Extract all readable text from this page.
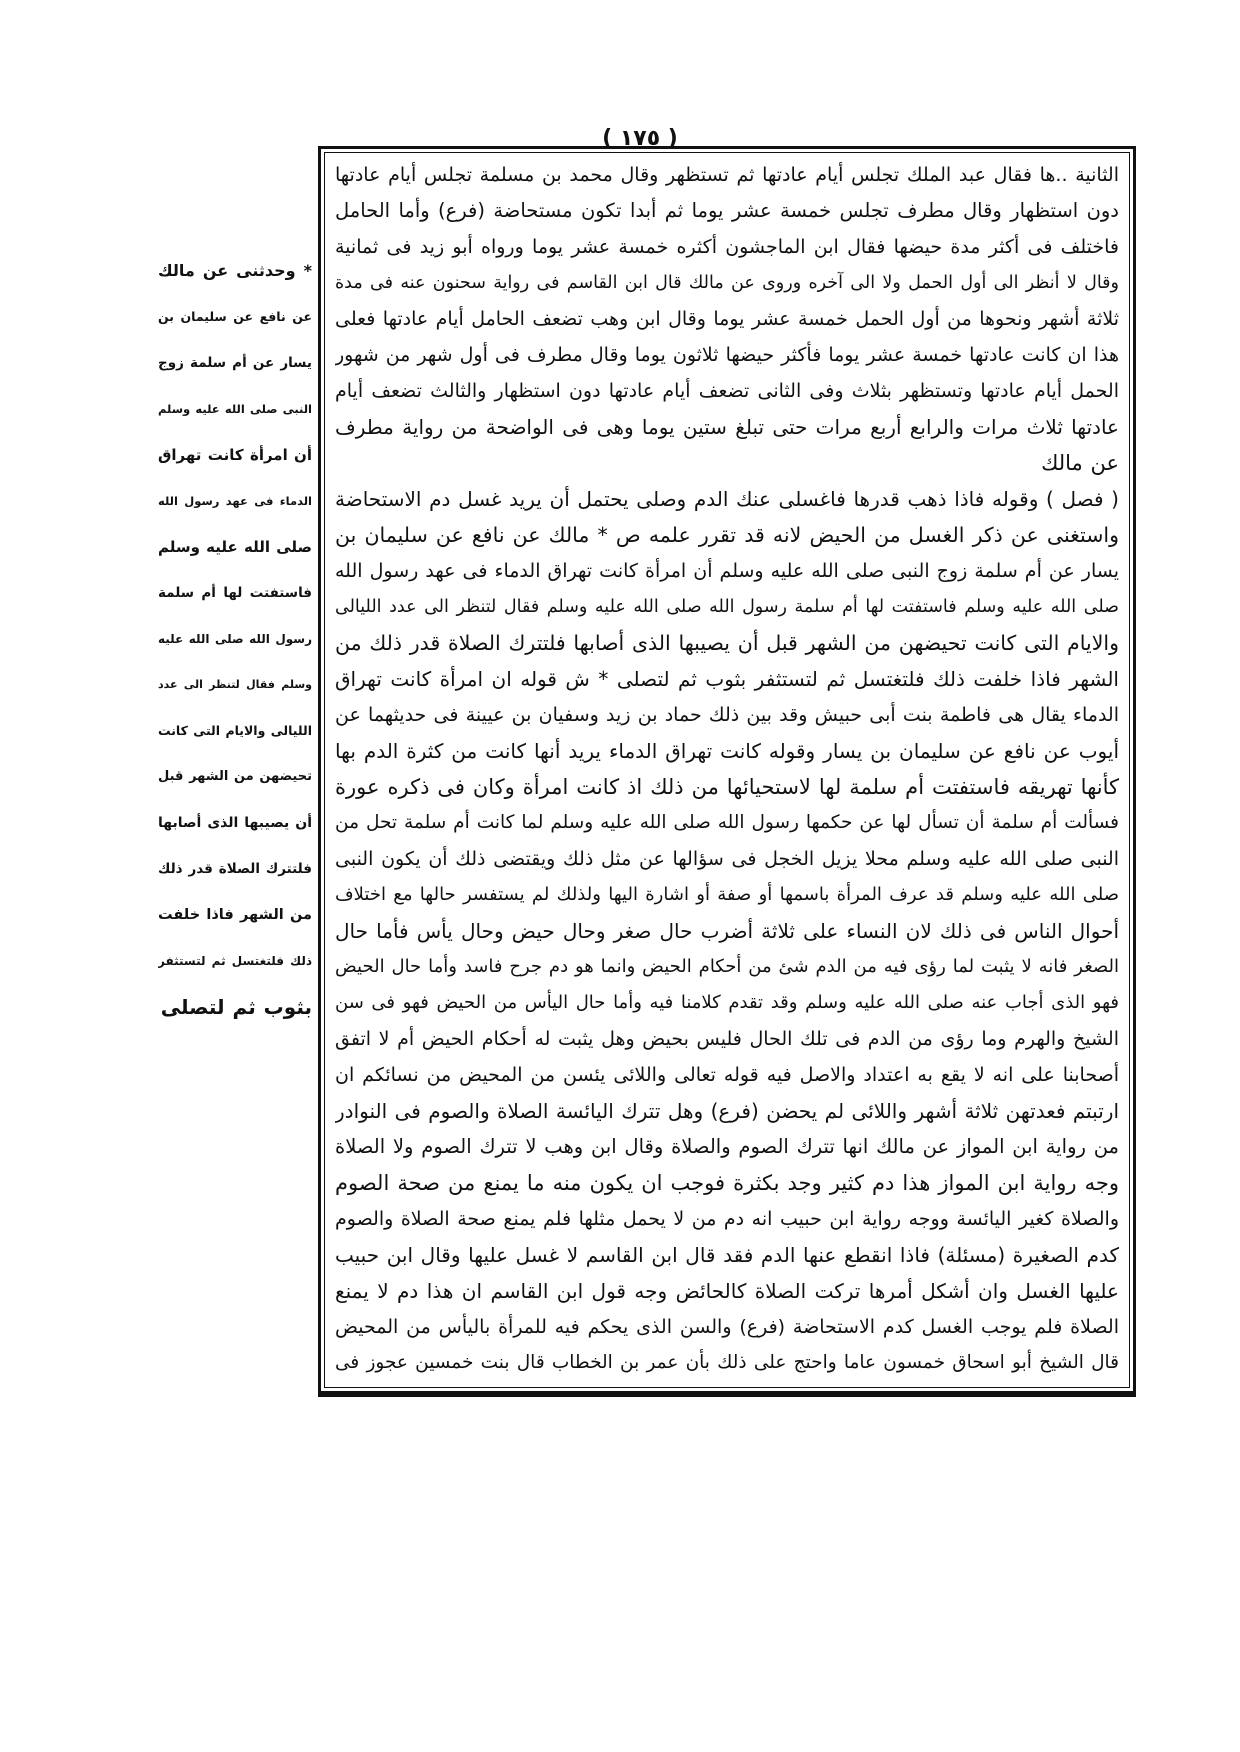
( ١٧٥ )
الثانية ..ها فقال عبد الملك تجلس أيام عادتها ثم تستظهر وقال محمد بن مسلمة تجلس أيام عادتها
دون استظهار وقال مطرف تجلس خمسة عشر يوما ثم أبدا تكون مستحاضة (فرع) وأما الحامل
فاختلف فى أكثر مدة حيضها فقال ابن الماجشون أكثره خمسة عشر يوما ورواه أبو زيد فى ثمانية
وقال لا أنظر الى أول الحمل ولا الى آخره وروى عن مالك قال ابن القاسم فى رواية سحنون عنه فى مدة
ثلاثة أشهر ونحوها من أول الحمل خمسة عشر يوما وقال ابن وهب تضعف الحامل أيام عادتها فعلى
هذا ان كانت عادتها خمسة عشر يوما فأكثر حيضها ثلاثون يوما وقال مطرف فى أول شهر من شهور
الحمل أيام عادتها وتستظهر بثلاث وفى الثانى تضعف أيام عادتها دون استظهار والثالث تضعف أيام
عادتها ثلاث مرات والرابع أربع مرات حتى تبلغ ستين يوما وهى فى الواضحة من رواية مطرف
عن مالك
( فصل ) وقوله فاذا ذهب قدرها فاغسلى عنك الدم وصلى يحتمل أن يريد غسل دم الاستحاضة
واستغنى عن ذكر الغسل من الحيض لانه قد تقرر علمه ص * مالك عن نافع عن سليمان بن
يسار عن أم سلمة زوج النبى صلى الله عليه وسلم أن امرأة كانت تهراق الدماء فى عهد رسول الله
صلى الله عليه وسلم فاستفتت لها أم سلمة رسول الله صلى الله عليه وسلم فقال لتنظر الى عدد الليالى
والايام التى كانت تحيضهن من الشهر قبل أن يصيبها الذى أصابها فلتترك الصلاة قدر ذلك من
الشهر فاذا خلفت ذلك فلتغتسل ثم لتستثفر بثوب ثم لتصلى * ش قوله ان امرأة كانت تهراق
الدماء يقال هى فاطمة بنت أبى حبيش وقد بين ذلك حماد بن زيد وسفيان بن عيينة فى حديثهما عن
أيوب عن نافع عن سليمان بن يسار وقوله كانت تهراق الدماء يريد أنها كانت من كثرة الدم بها
كأنها تهريقه فاستفتت أم سلمة لها لاستحيائها من ذلك اذ كانت امرأة وكان فى ذكره عورة
فسألت أم سلمة أن تسأل لها عن حكمها رسول الله صلى الله عليه وسلم لما كانت أم سلمة تحل من
النبى صلى الله عليه وسلم محلا يزيل الخجل فى سؤالها عن مثل ذلك ويقتضى ذلك أن يكون النبى
صلى الله عليه وسلم قد عرف المرأة باسمها أو صفة أو اشارة اليها ولذلك لم يستفسر حالها مع اختلاف
أحوال الناس فى ذلك لان النساء على ثلاثة أضرب حال صغر وحال حيض وحال يأس فأما حال
الصغر فانه لا يثبت لما رؤى فيه من الدم شئ من أحكام الحيض وانما هو دم جرح فاسد وأما حال الحيض
فهو الذى أجاب عنه صلى الله عليه وسلم وقد تقدم كلامنا فيه وأما حال اليأس من الحيض فهو فى سن
الشيخ والهرم وما رؤى من الدم فى تلك الحال فليس بحيض وهل يثبت له أحكام الحيض أم لا اتفق
أصحابنا على انه لا يقع به اعتداد والاصل فيه قوله تعالى واللائى يئسن من المحيض من نسائكم ان
ارتبتم فعدتهن ثلاثة أشهر واللائى لم يحضن (فرع) وهل تترك اليائسة الصلاة والصوم فى النوادر
من رواية ابن المواز عن مالك انها تترك الصوم والصلاة وقال ابن وهب لا تترك الصوم ولا الصلاة
وجه رواية ابن المواز هذا دم كثير وجد بكثرة فوجب ان يكون منه ما يمنع من صحة الصوم
والصلاة كغير اليائسة ووجه رواية ابن حبيب انه دم من لا يحمل مثلها فلم يمنع صحة الصلاة والصوم
كدم الصغيرة (مسئلة) فاذا انقطع عنها الدم فقد قال ابن القاسم لا غسل عليها وقال ابن حبيب
عليها الغسل وان أشكل أمرها تركت الصلاة كالحائض وجه قول ابن القاسم ان هذا دم لا يمنع
الصلاة فلم يوجب الغسل كدم الاستحاضة (فرع) والسن الذى يحكم فيه للمرأة باليأس من المحيض
قال الشيخ أبو اسحاق خمسون عاما واحتج على ذلك بأن عمر بن الخطاب قال بنت خمسين عجوز فى
* وحدثنى عن مالك
عن نافع عن سليمان بن
يسار عن أم سلمة زوج
النبى صلى الله عليه وسلم
أن امرأة كانت تهراق
الدماء فى عهد رسول الله
صلى الله عليه وسلم
فاستفتت لها أم سلمة
رسول الله صلى الله عليه
وسلم فقال لتنظر الى عدد
الليالى والايام التى كانت
تحيضهن من الشهر قبل
أن يصيبها الذى أصابها
فلتترك الصلاة قدر ذلك
من الشهر فاذا خلفت
ذلك فلتغتسل ثم لتستثفر
بثوب ثم لتصلى
